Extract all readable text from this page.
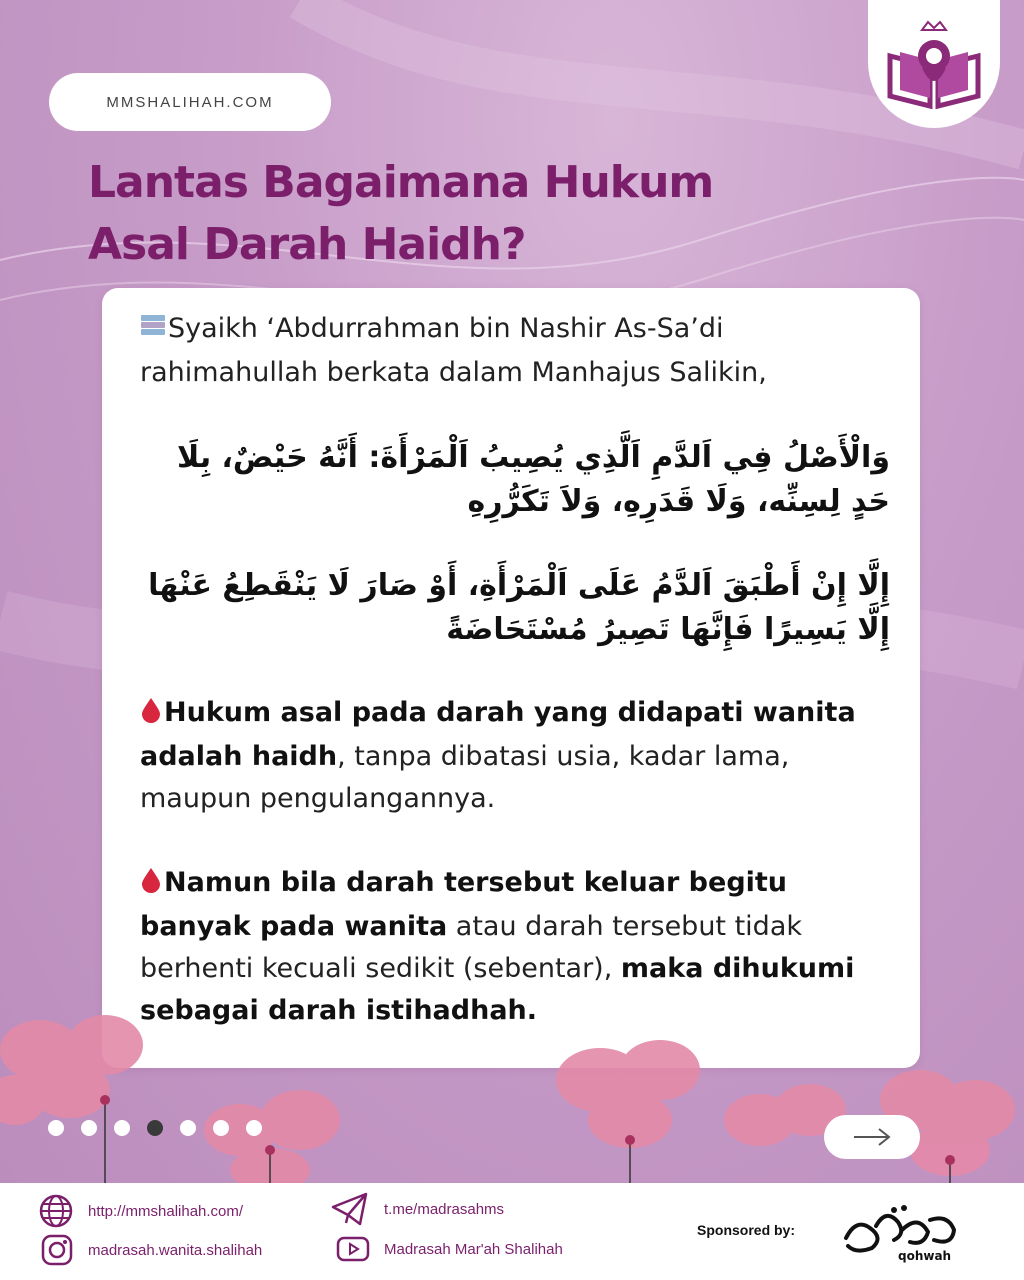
MMSHALIHAH.COM
Lantas Bagaimana Hukum
Asal Darah Haidh?

Syaikh ‘Abdurrahman bin Nashir As-Sa’di rahimahullah berkata dalam Manhajus Salikin,

وَالْأَصْلُ فِي اَلدَّمِ اَلَّذِي يُصِيبُ اَلْمَرْأَةَ: أَنَّهُ حَيْضٌ، بِلَا حَدٍ لِسِنِّه، وَلَا قَدَرِهِ، وَلاَ تَكَرُّرِهِ

إِلَّا إِنْ أَطْبَقَ اَلدَّمُ عَلَى اَلْمَرْأَةِ، أَوْ صَارَ لَا يَنْقَطِعُ عَنْهَا إِلَّا يَسِيرًا فَإِنَّهَا تَصِيرُ مُسْتَحَاضَةً

Hukum asal pada darah yang didapati wanita adalah haidh, tanpa dibatasi usia, kadar lama, maupun pengulangannya.

Namun bila darah tersebut keluar begitu banyak pada wanita atau darah tersebut tidak berhenti kecuali sedikit (sebentar), maka dihukumi sebagai darah istihadhah.

http://mmshalihah.com/
madrasah.wanita.shalihah
t.me/madrasahms
Madrasah Mar'ah Shalihah
Sponsored by:
qohwah
